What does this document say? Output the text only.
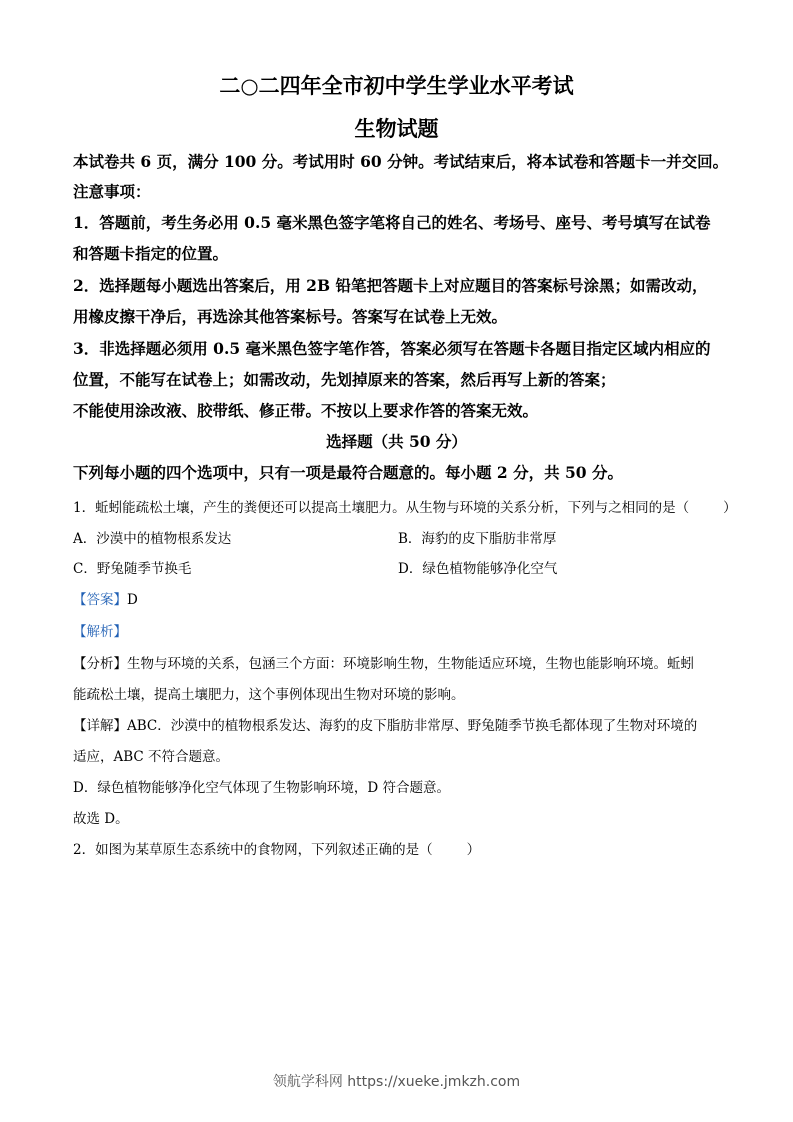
二○二四年全市初中学生学业水平考试
生物试题
本试卷共 6 页，满分 100 分。考试用时 60 分钟。考试结束后，将本试卷和答题卡一并交回。
注意事项：
1．答题前，考生务必用 0.5 毫米黑色签字笔将自己的姓名、考场号、座号、考号填写在试卷
和答题卡指定的位置。
2．选择题每小题选出答案后，用 2B 铅笔把答题卡上对应题目的答案标号涂黑；如需改动，
用橡皮擦干净后，再选涂其他答案标号。答案写在试卷上无效。
3．非选择题必须用 0.5 毫米黑色签字笔作答，答案必须写在答题卡各题目指定区域内相应的
位置，不能写在试卷上；如需改动，先划掉原来的答案，然后再写上新的答案；
不能使用涂改液、胶带纸、修正带。不按以上要求作答的答案无效。
选择题（共 50 分）
下列每小题的四个选项中，只有一项是最符合题意的。每小题 2 分，共 50 分。
1．蚯蚓能疏松土壤，产生的粪便还可以提高土壤肥力。从生物与环境的关系分析，下列与之相同的是（	）
A．沙漠中的植物根系发达	B．海豹的皮下脂肪非常厚
C．野兔随季节换毛	D．绿色植物能够净化空气
【答案】D
【解析】
【分析】生物与环境的关系，包涵三个方面：环境影响生物，生物能适应环境，生物也能影响环境。蚯蚓
能疏松土壤，提高土壤肥力，这个事例体现出生物对环境的影响。
【详解】ABC．沙漠中的植物根系发达、海豹的皮下脂肪非常厚、野兔随季节换毛都体现了生物对环境的
适应，ABC 不符合题意。
D．绿色植物能够净化空气体现了生物影响环境，D 符合题意。
故选 D。
2．如图为某草原生态系统中的食物网，下列叙述正确的是（	）
领航学科网 https://xueke.jmkzh.com
